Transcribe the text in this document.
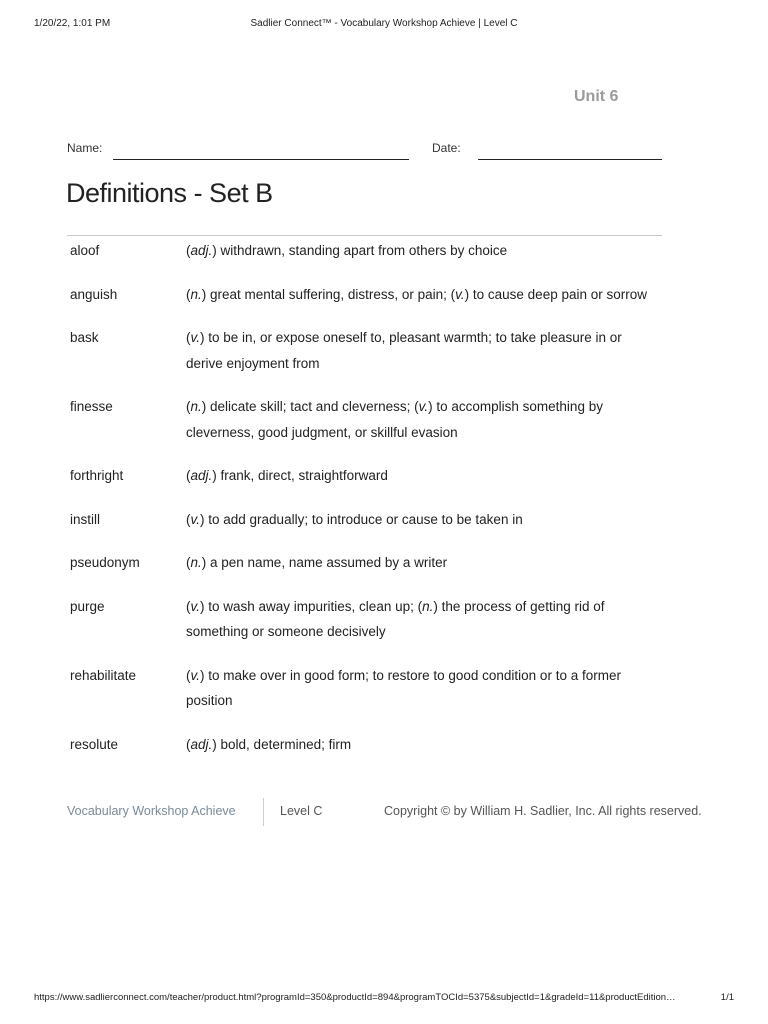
1/20/22, 1:01 PM	Sadlier Connect™ - Vocabulary Workshop Achieve | Level C
Unit 6
Name:	Date:
Definitions - Set B
aloof	(adj.) withdrawn, standing apart from others by choice
anguish	(n.) great mental suffering, distress, or pain; (v.) to cause deep pain or sorrow
bask	(v.) to be in, or expose oneself to, pleasant warmth; to take pleasure in or derive enjoyment from
finesse	(n.) delicate skill; tact and cleverness; (v.) to accomplish something by cleverness, good judgment, or skillful evasion
forthright	(adj.) frank, direct, straightforward
instill	(v.) to add gradually; to introduce or cause to be taken in
pseudonym	(n.) a pen name, name assumed by a writer
purge	(v.) to wash away impurities, clean up; (n.) the process of getting rid of something or someone decisively
rehabilitate	(v.) to make over in good form; to restore to good condition or to a former position
resolute	(adj.) bold, determined; firm
Vocabulary Workshop Achieve	Level C	Copyright © by William H. Sadlier, Inc. All rights reserved.
https://www.sadlierconnect.com/teacher/product.html?programId=350&productId=894&programTOCId=5375&subjectId=1&gradeId=11&productEdition…	1/1
